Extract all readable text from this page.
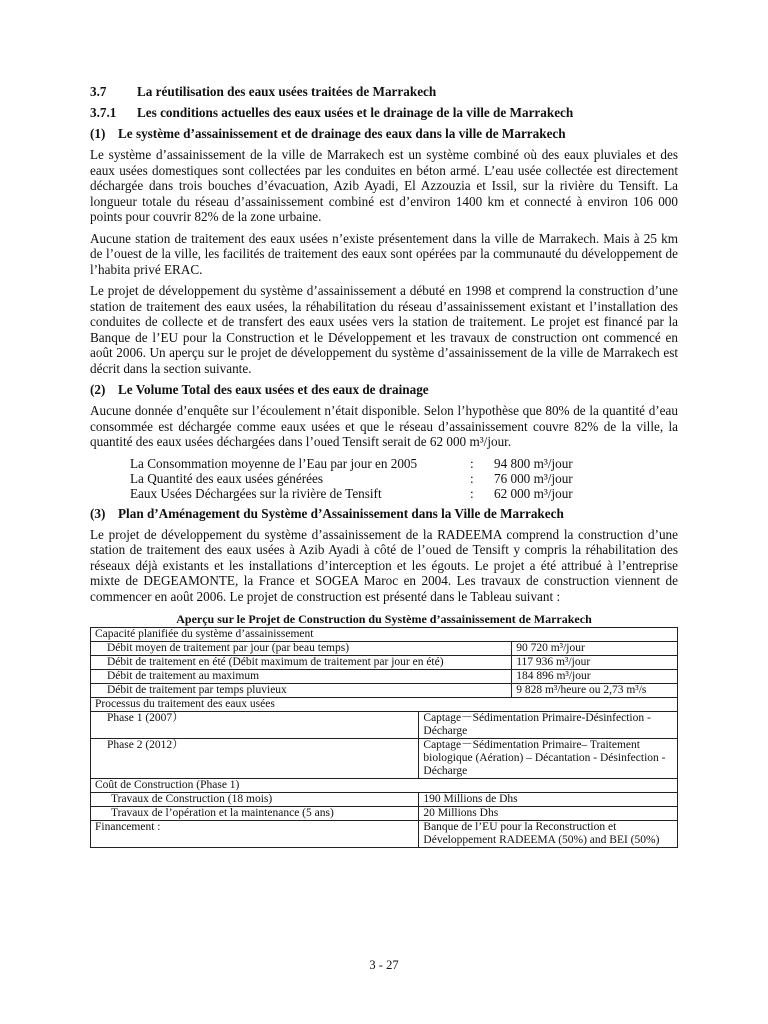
3.7	La réutilisation des eaux usées traitées de Marrakech
3.7.1	Les conditions actuelles des eaux usées et le drainage de la ville de Marrakech
(1) Le système d’assainissement et de drainage des eaux dans la ville de Marrakech

Le système d’assainissement de la ville de Marrakech est un système combiné où des eaux pluviales et des eaux usées domestiques sont collectées par les conduites en béton armé. L’eau usée collectée est directement déchargée dans trois bouches d’évacuation, Azib Ayadi, El Azzouzia et Issil, sur la rivière du Tensift. La longueur totale du réseau d’assainissement combiné est d’environ 1400 km et connecté à environ 106 000 points pour couvrir 82% de la zone urbaine.

Aucune station de traitement des eaux usées n’existe présentement dans la ville de Marrakech. Mais à 25 km de l’ouest de la ville, les facilités de traitement des eaux sont opérées par la communauté du développement de l’habita privé ERAC.

Le projet de développement du système d’assainissement a débuté en 1998 et comprend la construction d’une station de traitement des eaux usées, la réhabilitation du réseau d’assainissement existant et l’installation des conduites de collecte et de transfert des eaux usées vers la station de traitement. Le projet est financé par la Banque de l’EU pour la Construction et le Développement et les travaux de construction ont commencé en août 2006. Un aperçu sur le projet de développement du système d’assainissement de la ville de Marrakech est décrit dans la section suivante.

(2) Le Volume Total des eaux usées et des eaux de drainage

Aucune donnée d’enquête sur l’écoulement n’était disponible. Selon l’hypothèse que 80% de la quantité d’eau consommée est déchargée comme eaux usées et que le réseau d’assainissement couvre 82% de la ville, la quantité des eaux usées déchargées dans l’oued Tensift serait de 62 000 m³/jour.

La Consommation moyenne de l’Eau par jour en 2005	:	94 800 m³/jour
La Quantité des eaux usées générées	:	76 000 m³/jour
Eaux Usées Déchargées sur la rivière de Tensift	:	62 000 m³/jour
(3) Plan d’Aménagement du Système d’Assainissement dans la Ville de Marrakech

Le projet de développement du système d’assainissement de la RADEEMA comprend la construction d’une station de traitement des eaux usées à Azib Ayadi à côté de l’oued de Tensift y compris la réhabilitation des réseaux déjà existants et les installations d’interception et les égouts. Le projet a été attribué à l’entreprise mixte de DEGEAMONTE, la France et SOGEA Maroc en 2004. Les travaux de construction viennent de commencer en août 2006. Le projet de construction est présenté dans le Tableau suivant :

Aperçu sur le Projet de Construction du Système d’assainissement de Marrakech
Capacité planifiée du système d’assainissement		
Débit moyen de traitement par jour (par beau temps)		90 720 m³/jour
Débit de traitement en été (Débit maximum de traitement par jour en été)		117 936 m³/jour
Débit de traitement au maximum		184 896 m³/jour
Débit de traitement par temps pluvieux		9 828 m³/heure ou 2,73 m³/s
Processus du traitement des eaux usées		
Phase 1 (2007）	Captage－Sédimentation Primaire-Désinfection - Décharge	
Phase 2 (2012）	Captage－Sédimentation Primaire– Traitement biologique (Aération) – Décantation - Désinfection - Décharge	
Coût de Construction (Phase 1)		
Travaux de Construction (18 mois)	190 Millions de Dhs	
Travaux de l’opération et la maintenance (5 ans)	20 Millions Dhs	
Financement :	Banque de l’EU pour la Reconstruction et Développement RADEEMA (50%) and BEI (50%)	
3 - 27
